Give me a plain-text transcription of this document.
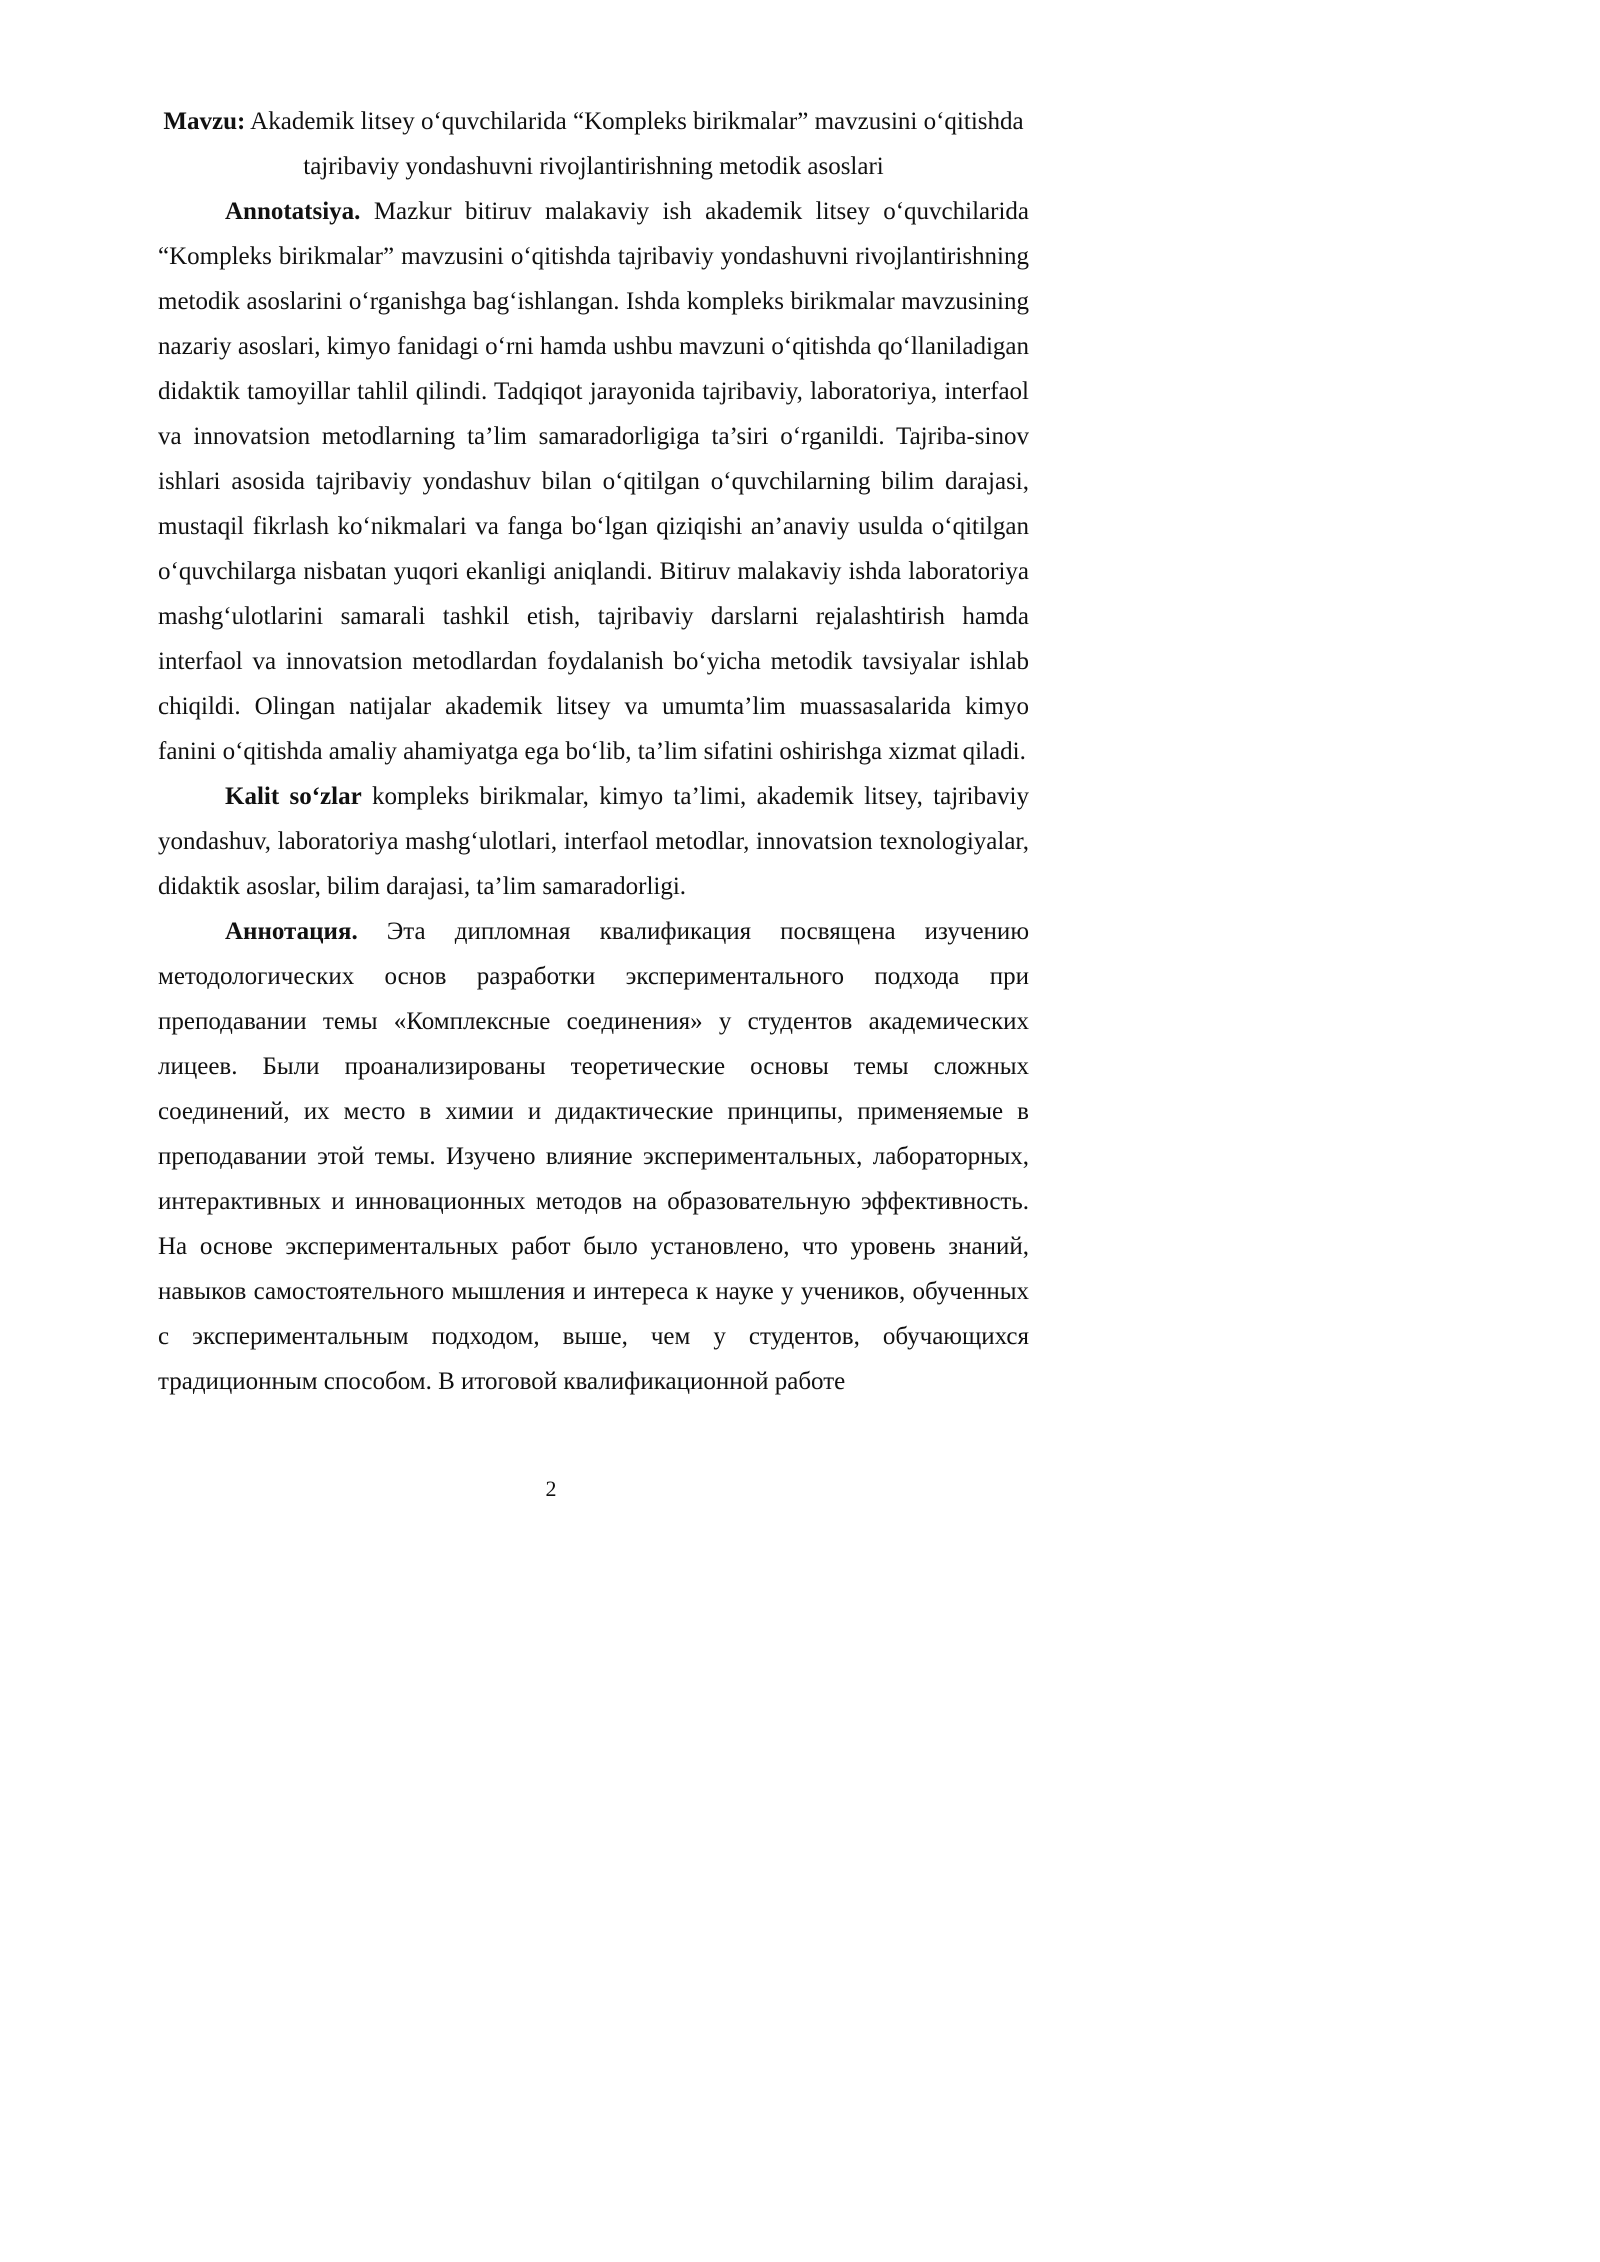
Mavzu: Akademik litsey o‘quvchilarida “Kompleks birikmalar” mavzusini o‘qitishda tajribaviy yondashuvni rivojlantirishning metodik asoslari

Annotatsiya. Mazkur bitiruv malakaviy ish akademik litsey o‘quvchilarida “Kompleks birikmalar” mavzusini o‘qitishda tajribaviy yondashuvni rivojlantirishning metodik asoslarini o‘rganishga bag‘ishlangan. Ishda kompleks birikmalar mavzusining nazariy asoslari, kimyo fanidagi o‘rni hamda ushbu mavzuni o‘qitishda qo‘llaniladigan didaktik tamoyillar tahlil qilindi. Tadqiqot jarayonida tajribaviy, laboratoriya, interfaol va innovatsion metodlarning ta’lim samaradorligiga ta’siri o‘rganildi. Tajriba-sinov ishlari asosida tajribaviy yondashuv bilan o‘qitilgan o‘quvchilarning bilim darajasi, mustaqil fikrlash ko‘nikmalari va fanga bo‘lgan qiziqishi an’anaviy usulda o‘qitilgan o‘quvchilarga nisbatan yuqori ekanligi aniqlandi. Bitiruv malakaviy ishda laboratoriya mashg‘ulotlarini samarali tashkil etish, tajribaviy darslarni rejalashtirish hamda interfaol va innovatsion metodlardan foydalanish bo‘yicha metodik tavsiyalar ishlab chiqildi. Olingan natijalar akademik litsey va umumta’lim muassasalarida kimyo fanini o‘qitishda amaliy ahamiyatga ega bo‘lib, ta’lim sifatini oshirishga xizmat qiladi.

Kalit so‘zlar kompleks birikmalar, kimyo ta’limi, akademik litsey, tajribaviy yondashuv, laboratoriya mashg‘ulotlari, interfaol metodlar, innovatsion texnologiyalar, didaktik asoslar, bilim darajasi, ta’lim samaradorligi.

Аннотация. Эта дипломная квалификация посвящена изучению методологических основ разработки экспериментального подхода при преподавании темы «Комплексные соединения» у студентов академических лицеев. Были проанализированы теоретические основы темы сложных соединений, их место в химии и дидактические принципы, применяемые в преподавании этой темы. Изучено влияние экспериментальных, лабораторных, интерактивных и инновационных методов на образовательную эффективность. На основе экспериментальных работ было установлено, что уровень знаний, навыков самостоятельного мышления и интереса к науке у учеников, обученных с экспериментальным подходом, выше, чем у студентов, обучающихся традиционным способом. В итоговой квалификационной работе

2
